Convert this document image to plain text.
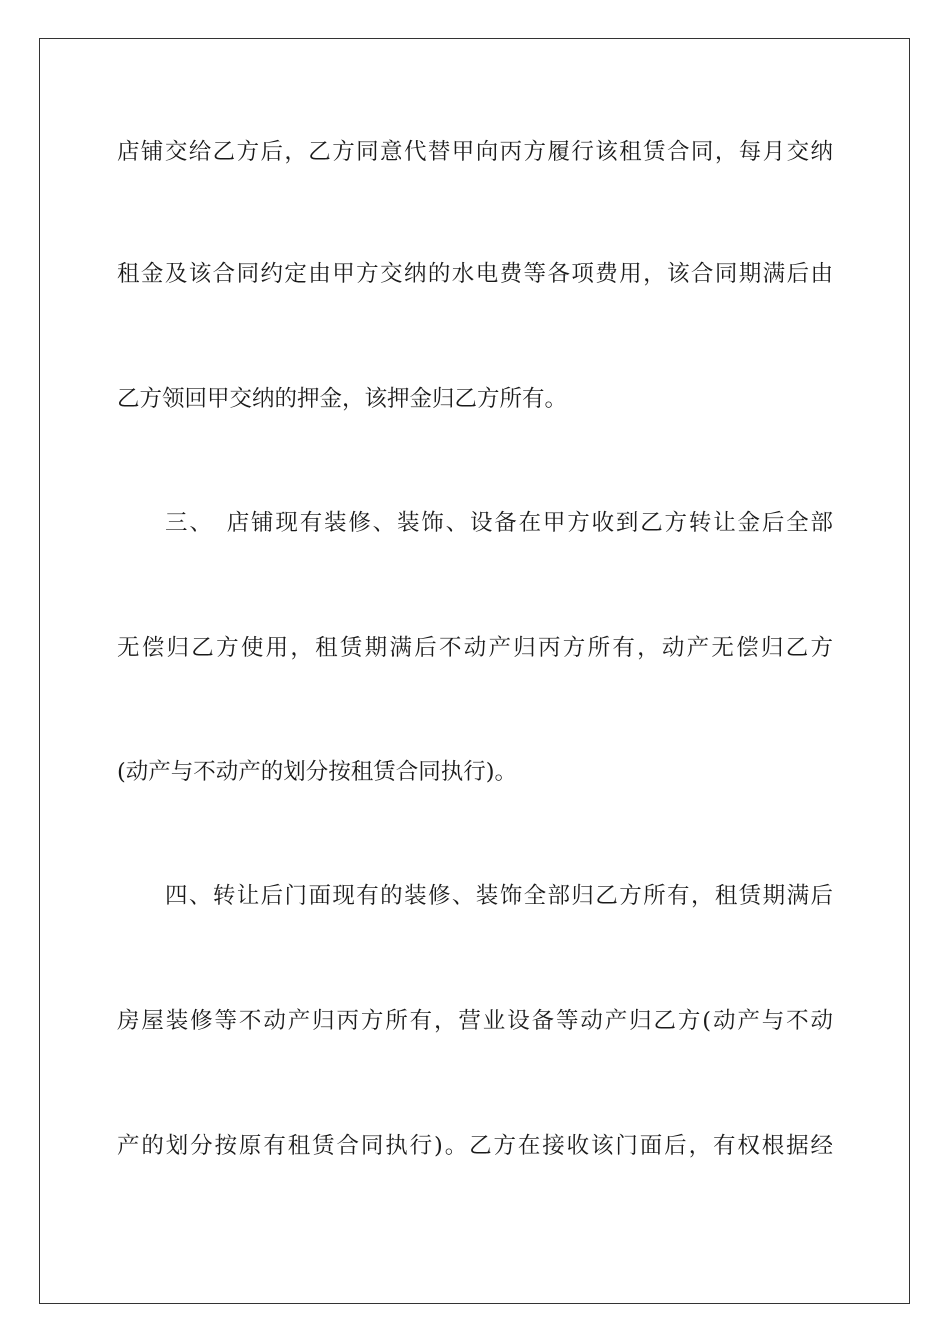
店铺交给乙方后，乙方同意代替甲向丙方履行该租赁合同，每月交纳
租金及该合同约定由甲方交纳的水电费等各项费用，该合同期满后由
乙方领回甲交纳的押金，该押金归乙方所有。
三、　店铺现有装修、装饰、设备在甲方收到乙方转让金后全部
无偿归乙方使用，租赁期满后不动产归丙方所有，动产无偿归乙方
(动产与不动产的划分按租赁合同执行)。
四、转让后门面现有的装修、装饰全部归乙方所有，租赁期满后
房屋装修等不动产归丙方所有，营业设备等动产归乙方(动产与不动
产的划分按原有租赁合同执行)。乙方在接收该门面后，有权根据经
